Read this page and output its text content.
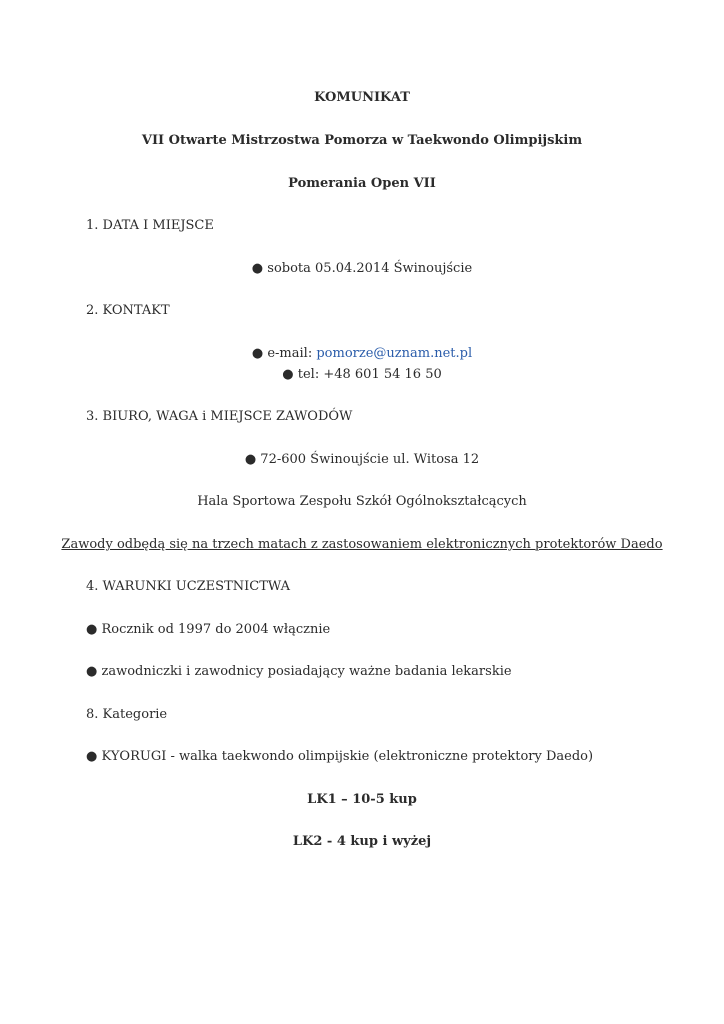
KOMUNIKAT
VII Otwarte Mistrzostwa Pomorza w Taekwondo Olimpijskim
Pomerania Open VII
1. DATA I MIEJSCE
● sobota 05.04.2014 Świnoujście
2. KONTAKT
● e-mail: pomorze@uznam.net.pl
● tel: +48 601 54 16 50
3. BIURO, WAGA i MIEJSCE ZAWODÓW
● 72-600 Świnoujście ul. Witosa 12
Hala Sportowa Zespołu Szkół Ogólnokształcących
Zawody odbędą się na trzech matach z zastosowaniem elektronicznych protektorów Daedo
4. WARUNKI UCZESTNICTWA
● Rocznik od 1997 do 2004 włącznie
● zawodniczki i zawodnicy posiadający ważne badania lekarskie
8. Kategorie
● KYORUGI - walka taekwondo olimpijskie (elektroniczne protektory Daedo)
LK1 – 10-5 kup
LK2 - 4 kup i wyżej
